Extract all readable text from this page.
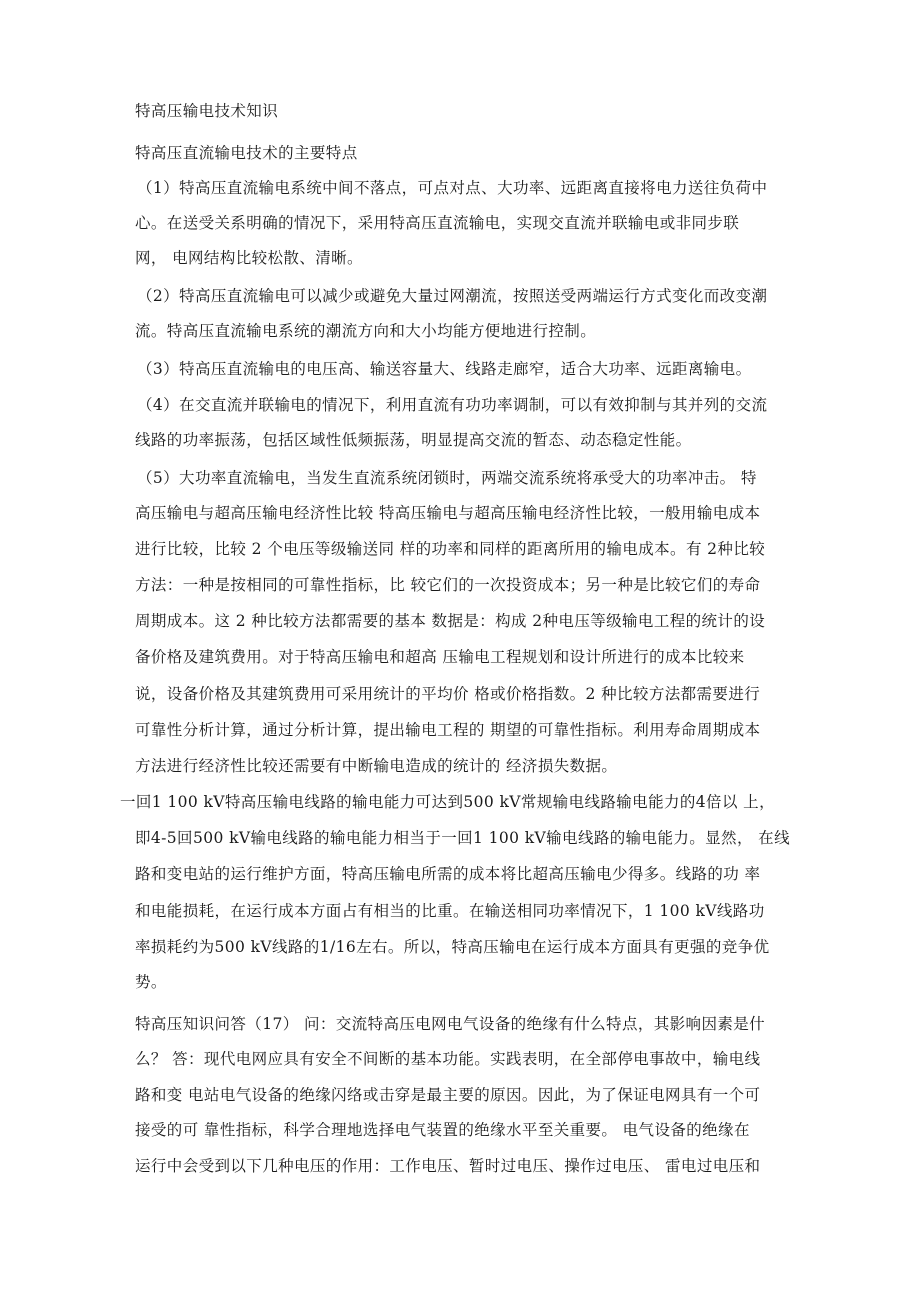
特高压输电技术知识
特高压直流输电技术的主要特点
（1）特高压直流输电系统中间不落点，可点对点、大功率、远距离直接将电力送往负荷中
心。在送受关系明确的情况下，采用特高压直流输电，实现交直流并联输电或非同步联
网， 电网结构比较松散、清晰。
（2）特高压直流输电可以减少或避免大量过网潮流，按照送受两端运行方式变化而改变潮
流。特高压直流输电系统的潮流方向和大小均能方便地进行控制。
（3）特高压直流输电的电压高、输送容量大、线路走廊窄，适合大功率、远距离输电。
（4）在交直流并联输电的情况下，利用直流有功功率调制，可以有效抑制与其并列的交流
线路的功率振荡，包括区域性低频振荡，明显提高交流的暂态、动态稳定性能。
（5）大功率直流输电，当发生直流系统闭锁时，两端交流系统将承受大的功率冲击。 特
高压输电与超高压输电经济性比较 特高压输电与超高压输电经济性比较，一般用输电成本
进行比较，比较 2 个电压等级输送同 样的功率和同样的距离所用的输电成本。有 2种比较
方法：一种是按相同的可靠性指标，比 较它们的一次投资成本；另一种是比较它们的寿命
周期成本。这 2 种比较方法都需要的基本 数据是：构成 2种电压等级输电工程的统计的设
备价格及建筑费用。对于特高压输电和超高 压输电工程规划和设计所进行的成本比较来
说，设备价格及其建筑费用可采用统计的平均价 格或价格指数。2 种比较方法都需要进行
可靠性分析计算，通过分析计算，提出输电工程的 期望的可靠性指标。利用寿命周期成本
方法进行经济性比较还需要有中断输电造成的统计的 经济损失数据。
一回1 100 kV特高压输电线路的输电能力可达到500 kV常规输电线路输电能力的4倍以 上，
即4-5回500 kV输电线路的输电能力相当于一回1 100 kV输电线路的输电能力。显然， 在线
路和变电站的运行维护方面，特高压输电所需的成本将比超高压输电少得多。线路的功 率
和电能损耗，在运行成本方面占有相当的比重。在输送相同功率情况下，1 100 kV线路功
率损耗约为500 kV线路的1/16左右。所以，特高压输电在运行成本方面具有更强的竞争优
势。
特高压知识问答（17） 问：交流特高压电网电气设备的绝缘有什么特点，其影响因素是什
么？ 答：现代电网应具有安全不间断的基本功能。实践表明，在全部停电事故中，输电线
路和变 电站电气设备的绝缘闪络或击穿是最主要的原因。因此，为了保证电网具有一个可
接受的可 靠性指标，科学合理地选择电气装置的绝缘水平至关重要。 电气设备的绝缘在
运行中会受到以下几种电压的作用：工作电压、暂时过电压、操作过电压、 雷电过电压和
